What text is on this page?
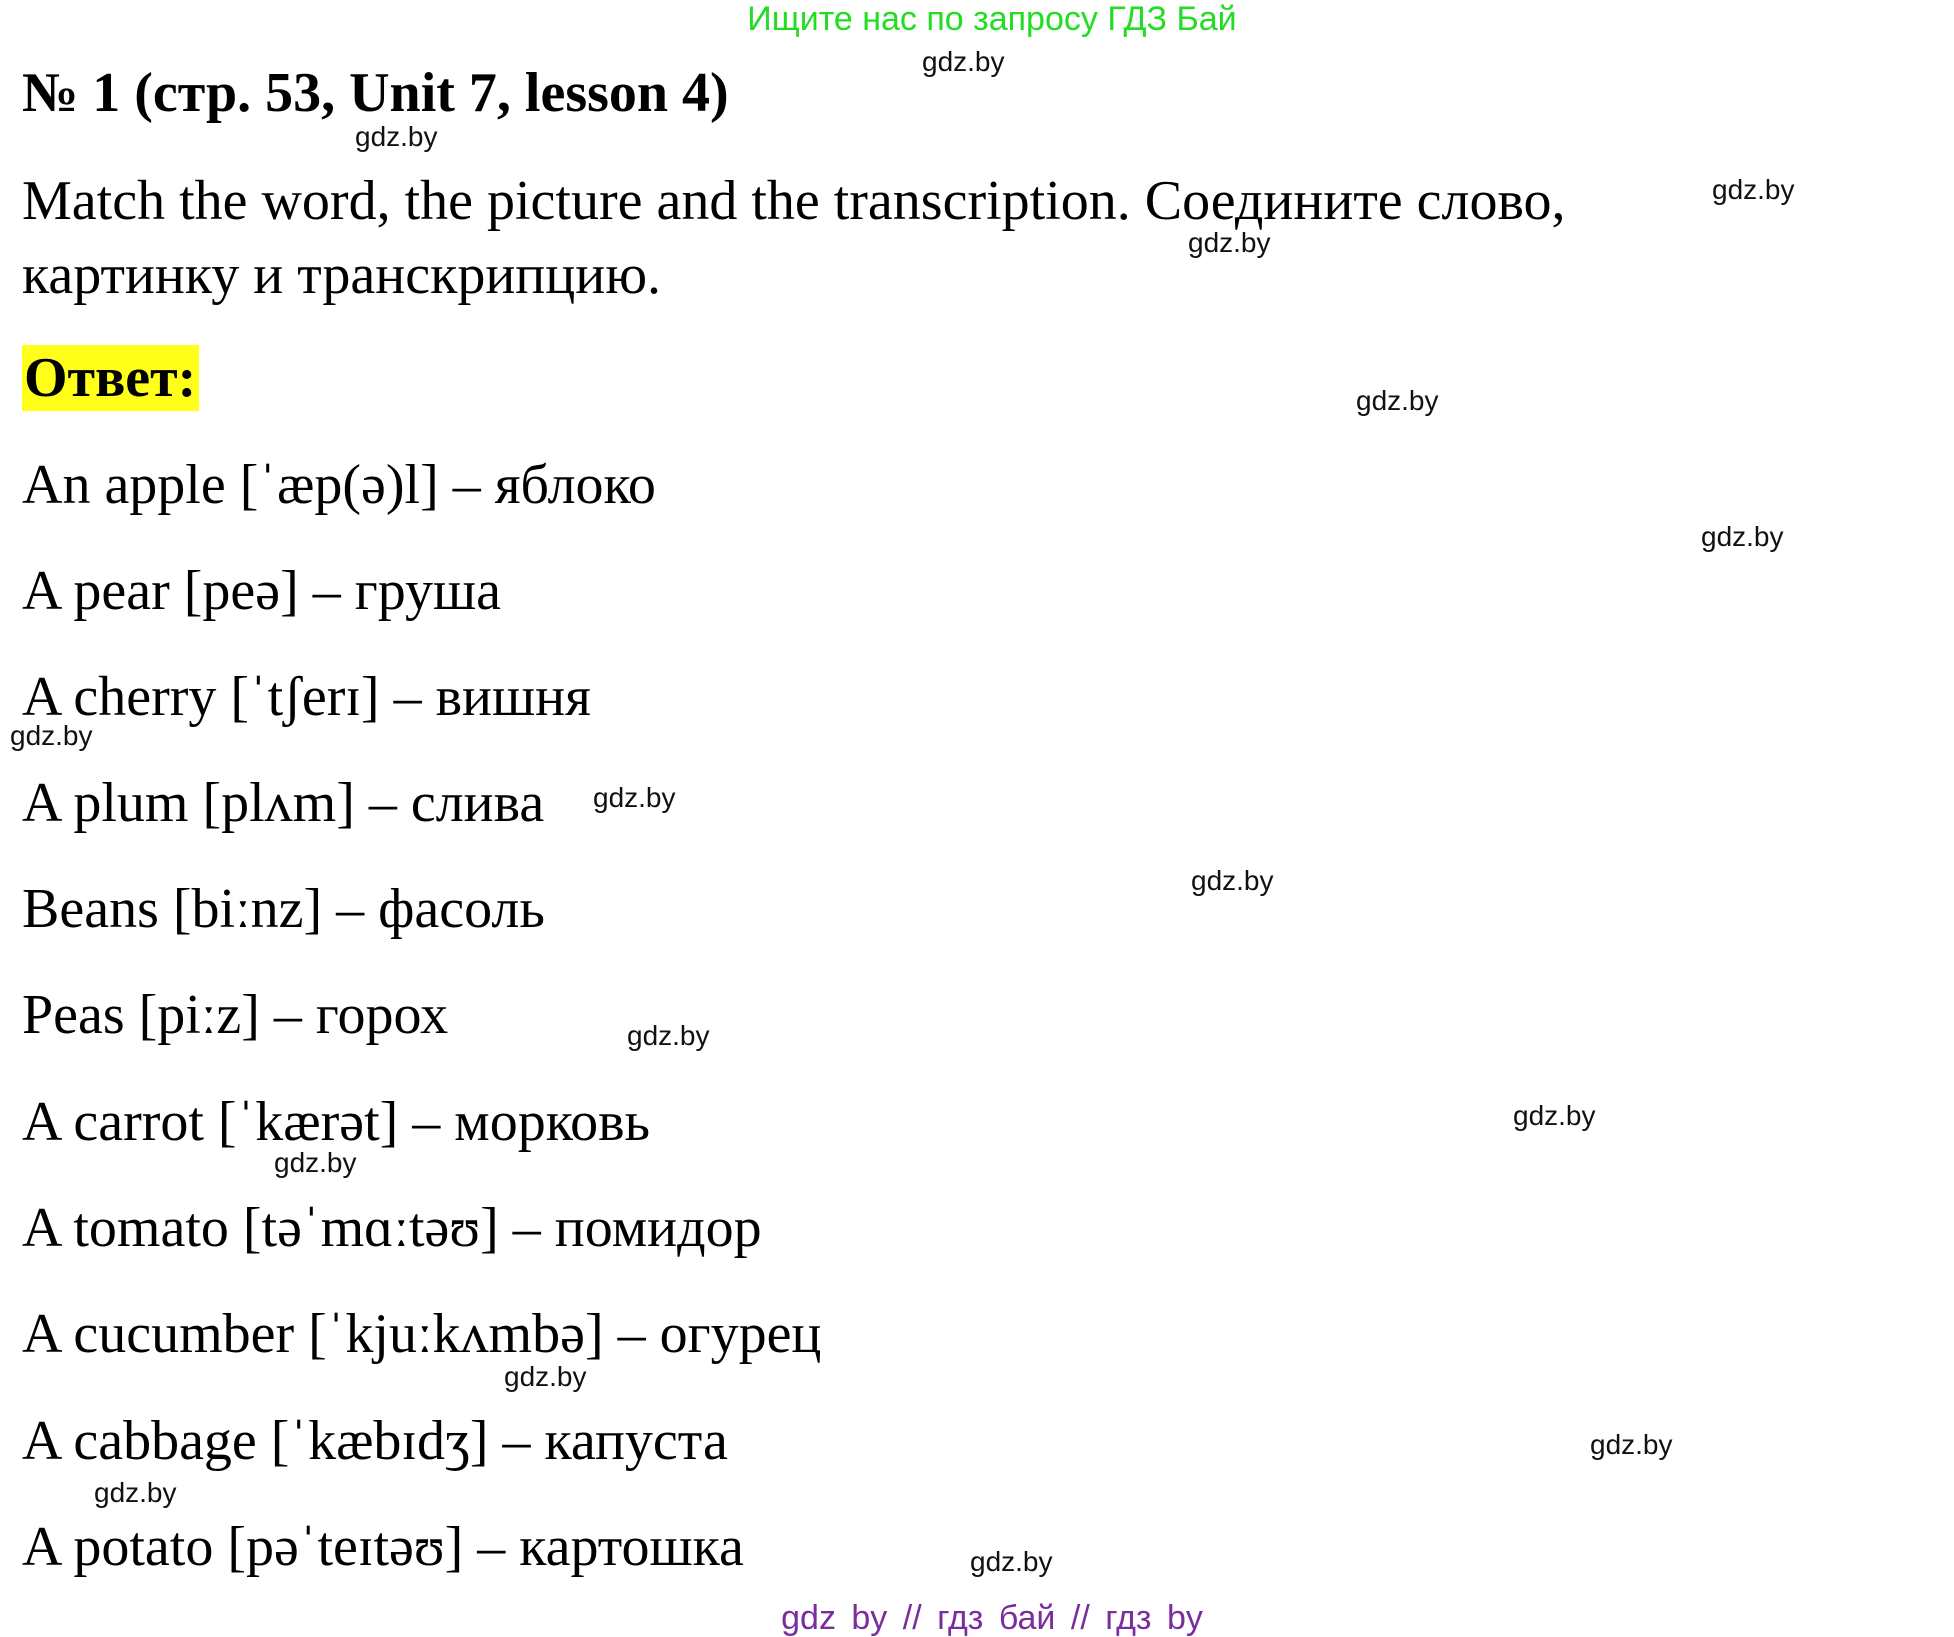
Ищите нас по запросу ГДЗ Бай
№ 1 (стр. 53, Unit 7, lesson 4)
Match the word, the picture and the transcription. Соедините слово, картинку и транскрипцию.
Ответ:
An apple [ˈæp(ə)l] – яблоко
A pear [peə] – груша
A cherry [ˈtʃerɪ] – вишня
A plum [plʌm] – слива
Beans [biːnz] – фасоль
Peas [piːz] – горох
A carrot [ˈkærət] – морковь
A tomato [təˈmɑːtəʊ] – помидор
A cucumber [ˈkjuːkʌmbə] – огурец
A cabbage [ˈkæbɪdʒ] – капуста
A potato [pəˈteɪtəʊ] – картошка
gdz.by
gdz.by
gdz.by
gdz.by
gdz.by
gdz.by
gdz.by
gdz.by
gdz.by
gdz.by
gdz.by
gdz.by
gdz.by
gdz.by
gdz.by
gdz.by
gdz by // гдз бай // гдз by
